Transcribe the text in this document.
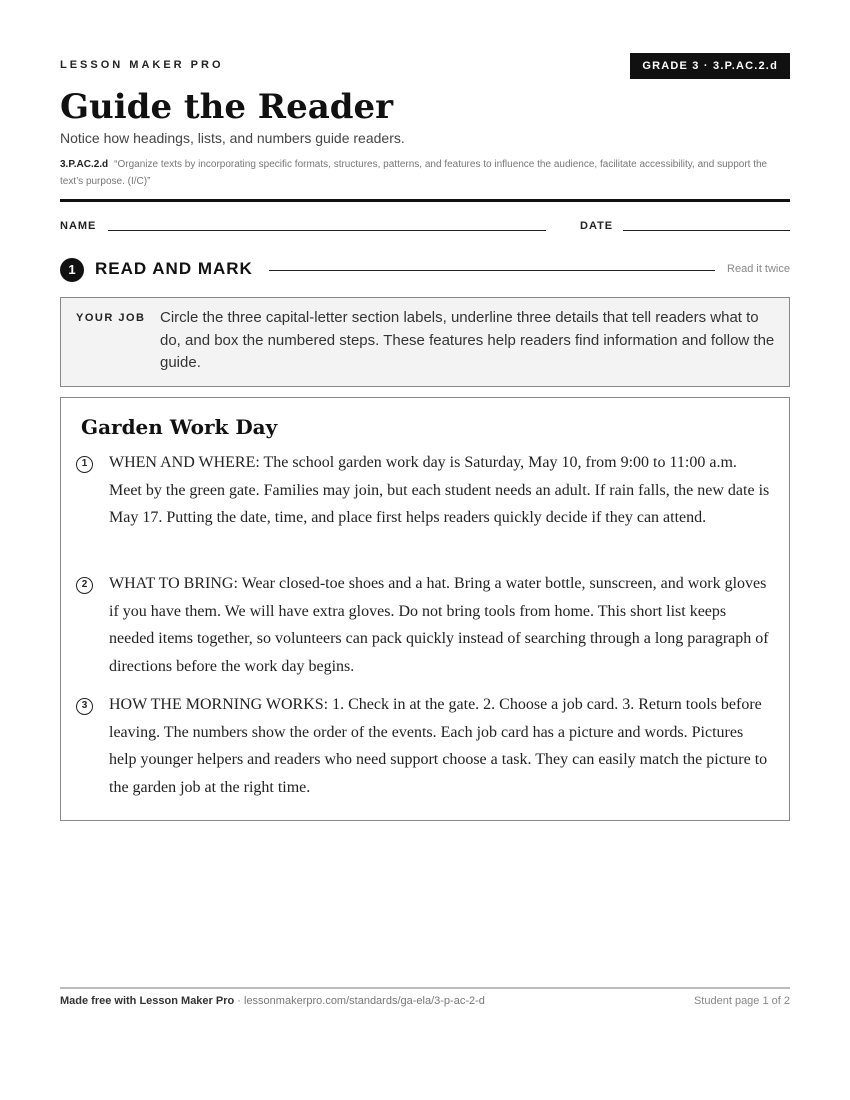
LESSON MAKER PRO	GRADE 3 · 3.P.AC.2.d
Guide the Reader
Notice how headings, lists, and numbers guide readers.
3.P.AC.2.d “Organize texts by incorporating specific formats, structures, patterns, and features to influence the audience, facilitate accessibility, and support the text’s purpose. (I/C)”
NAME	DATE
1	READ AND MARK	Read it twice
YOUR JOB Circle the three capital-letter section labels, underline three details that tell readers what to do, and box the numbered steps. These features help readers find information and follow the guide.
Garden Work Day
1	WHEN AND WHERE: The school garden work day is Saturday, May 10, from 9:00 to 11:00 a.m. Meet by the green gate. Families may join, but each student needs an adult. If rain falls, the new date is May 17. Putting the date, time, and place first helps readers quickly decide if they can attend.
2	WHAT TO BRING: Wear closed-toe shoes and a hat. Bring a water bottle, sunscreen, and work gloves if you have them. We will have extra gloves. Do not bring tools from home. This short list keeps needed items together, so volunteers can pack quickly instead of searching through a long paragraph of directions before the work day begins.
3	HOW THE MORNING WORKS: 1. Check in at the gate. 2. Choose a job card. 3. Return tools before leaving. The numbers show the order of the events. Each job card has a picture and words. Pictures help younger helpers and readers who need support choose a task. They can easily match the picture to the garden job at the right time.
Made free with Lesson Maker Pro · lessonmakerpro.com/standards/ga-ela/3-p-ac-2-d	Student page 1 of 2
